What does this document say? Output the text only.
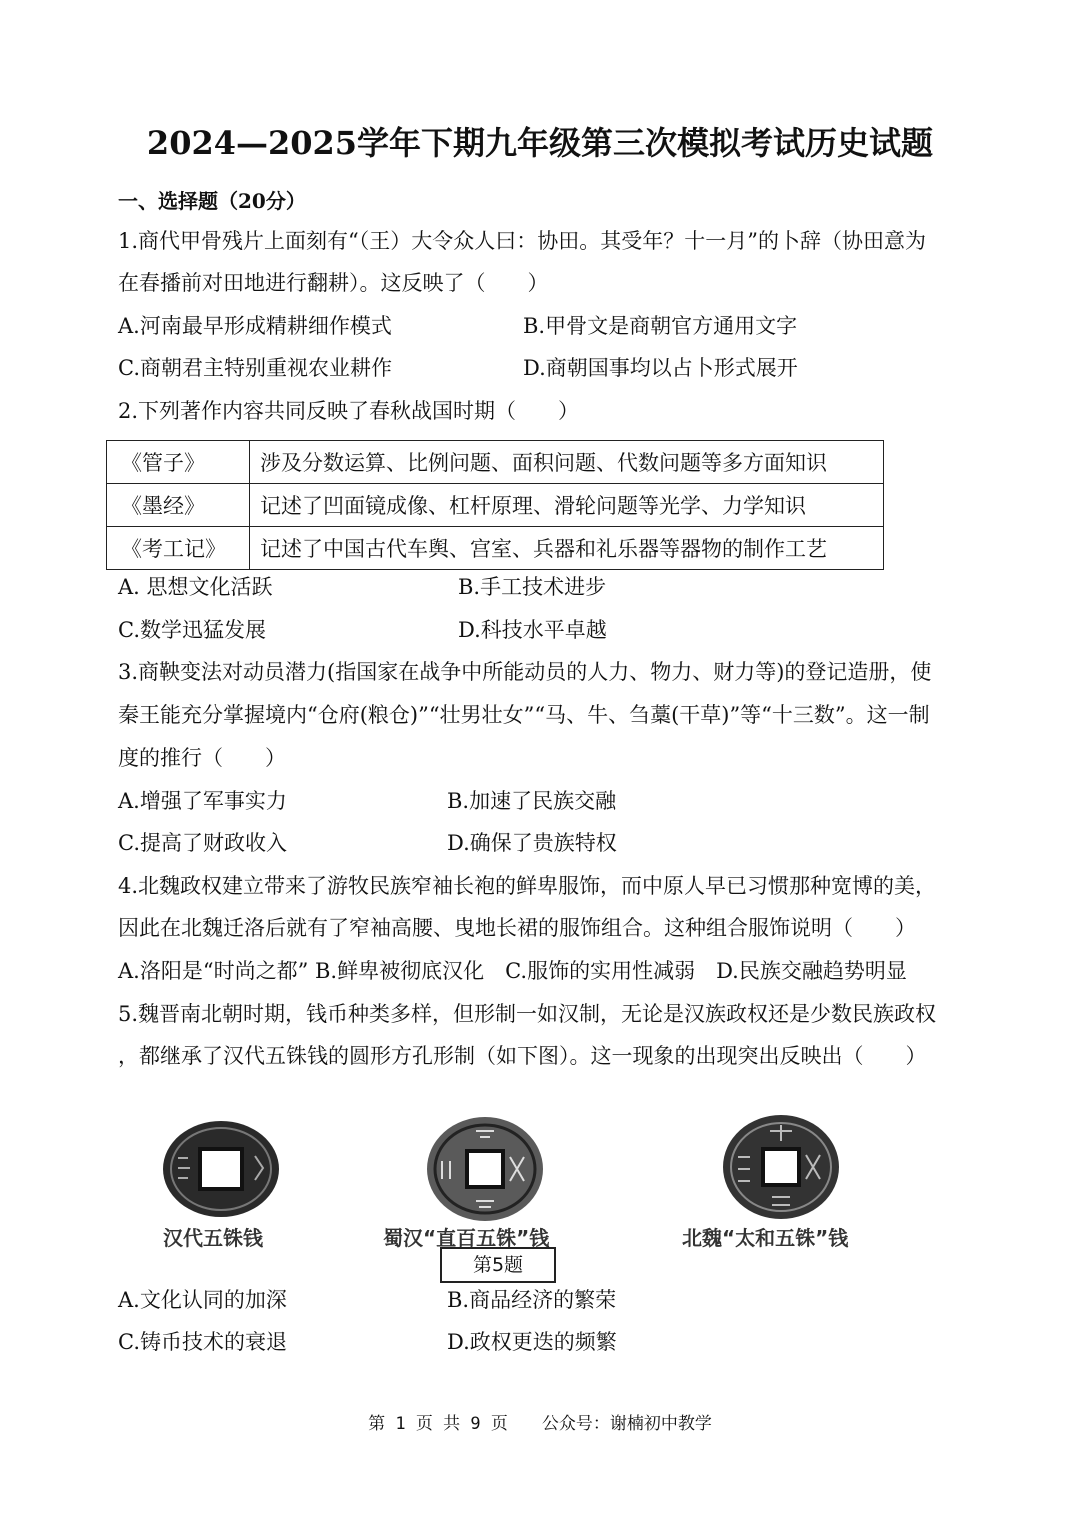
2024—2025学年下期九年级第三次模拟考试历史试题
一、选择题（20分）
1.商代甲骨残片上面刻有“（王）大令众人曰：协田。其受年？十一月”的卜辞（协田意为
在春播前对田地进行翻耕）。这反映了（　　）
A.河南最早形成精耕细作模式	B.甲骨文是商朝官方通用文字
C.商朝君主特别重视农业耕作	D.商朝国事均以占卜形式展开
2.下列著作内容共同反映了春秋战国时期（　　）
《管子》	涉及分数运算、比例问题、面积问题、代数问题等多方面知识
《墨经》	记述了凹面镜成像、杠杆原理、滑轮问题等光学、力学知识
《考工记》	记述了中国古代车舆、宫室、兵器和礼乐器等器物的制作工艺
A. 思想文化活跃	B.手工技术进步
C.数学迅猛发展	D.科技水平卓越
3.商鞅变法对动员潜力(指国家在战争中所能动员的人力、物力、财力等)的登记造册，使
秦王能充分掌握境内“仓府(粮仓)”“壮男壮女”“马、牛、刍藁(干草)”等“十三数”。这一制
度的推行（　　）
A.增强了军事实力	B.加速了民族交融
C.提高了财政收入	D.确保了贵族特权
4.北魏政权建立带来了游牧民族窄袖长袍的鲜卑服饰，而中原人早已习惯那种宽博的美，
因此在北魏迁洛后就有了窄袖高腰、曳地长裙的服饰组合。这种组合服饰说明（　　）
A.洛阳是“时尚之都” B.鲜卑被彻底汉化　C.服饰的实用性减弱　D.民族交融趋势明显
5.魏晋南北朝时期，钱币种类多样，但形制一如汉制，无论是汉族政权还是少数民族政权
，都继承了汉代五铢钱的圆形方孔形制（如下图）。这一现象的出现突出反映出（　　）
汉代五铢钱	蜀汉“直百五铢”钱	北魏“太和五铢”钱
第5题
A.文化认同的加深	B.商品经济的繁荣
C.铸币技术的衰退	D.政权更迭的频繁
第 1 页 共 9 页　　公众号：谢楠初中教学
